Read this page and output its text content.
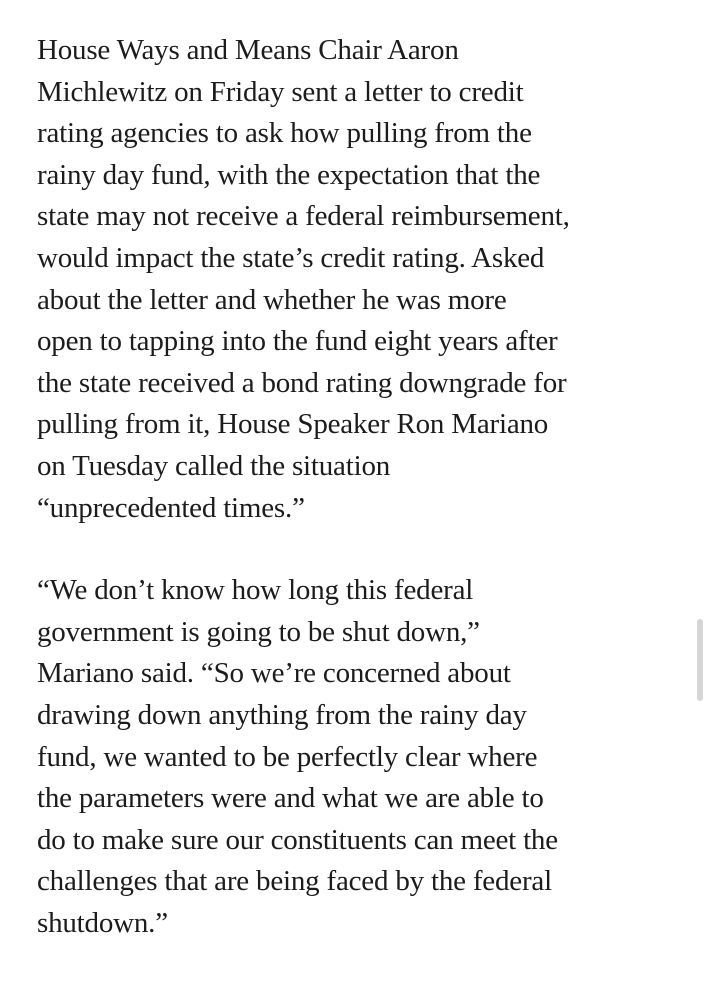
House Ways and Means Chair Aaron
Michlewitz on Friday sent a letter to credit
rating agencies to ask how pulling from the
rainy day fund, with the expectation that the
state may not receive a federal reimbursement,
would impact the state’s credit rating. Asked
about the letter and whether he was more
open to tapping into the fund eight years after
the state received a bond rating downgrade for
pulling from it, House Speaker Ron Mariano
on Tuesday called the situation
“unprecedented times.”

“We don’t know how long this federal
government is going to be shut down,”
Mariano said. “So we’re concerned about
drawing down anything from the rainy day
fund, we wanted to be perfectly clear where
the parameters were and what we are able to
do to make sure our constituents can meet the
challenges that are being faced by the federal
shutdown.”
